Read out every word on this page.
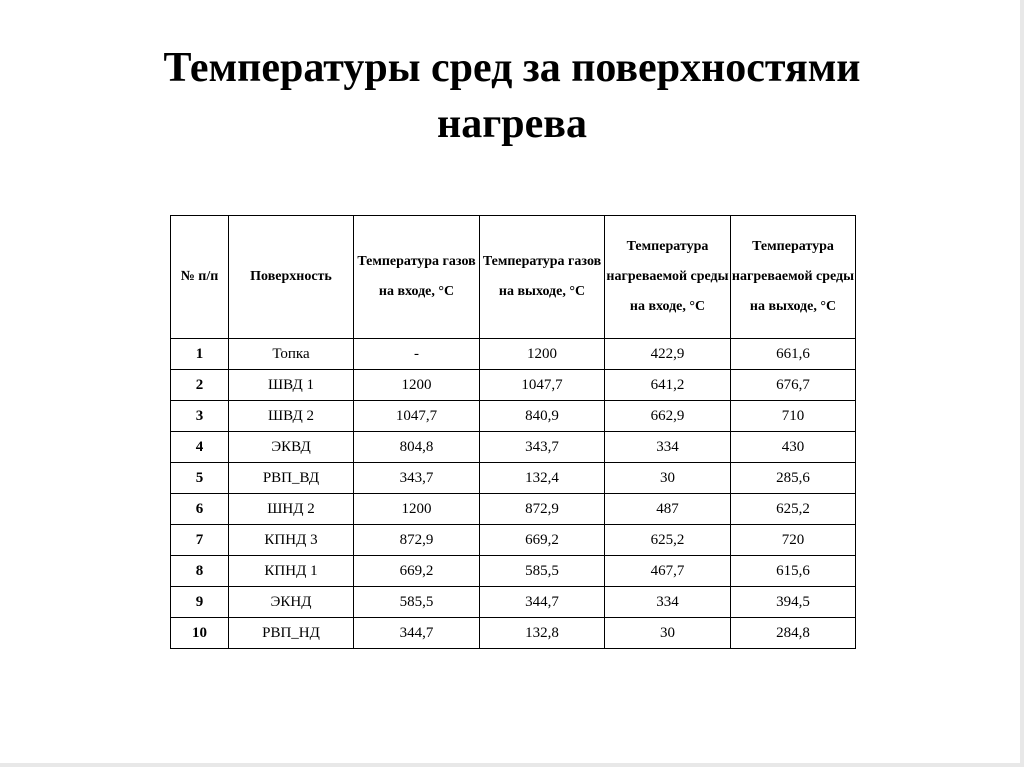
Температуры сред за поверхностями
нагрева
№ п/п	Поверхность	Температура газов на входе, °С	Температура газов на выходе, °С	Температура нагреваемой среды на входе, °С	Температура нагреваемой среды на выходе, °С
1	Топка	-	1200	422,9	661,6
2	ШВД 1	1200	1047,7	641,2	676,7
3	ШВД 2	1047,7	840,9	662,9	710
4	ЭКВД	804,8	343,7	334	430
5	РВП_ВД	343,7	132,4	30	285,6
6	ШНД 2	1200	872,9	487	625,2
7	КПНД 3	872,9	669,2	625,2	720
8	КПНД 1	669,2	585,5	467,7	615,6
9	ЭКНД	585,5	344,7	334	394,5
10	РВП_НД	344,7	132,8	30	284,8
